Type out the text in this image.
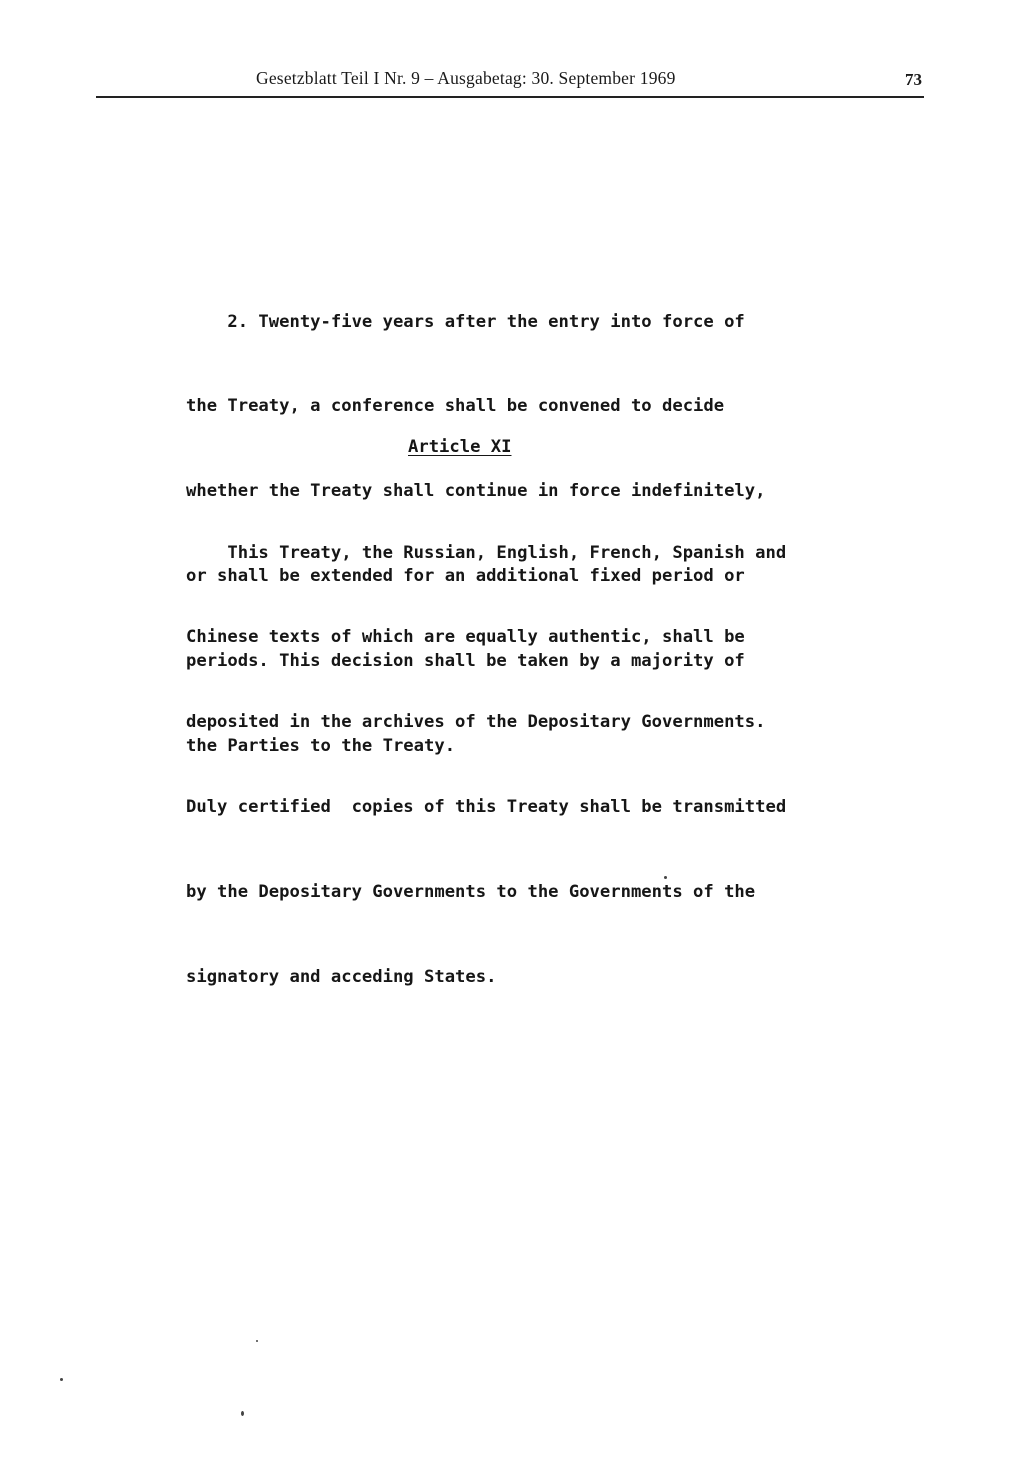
Gesetzblatt Teil I Nr. 9 – Ausgabetag: 30. September 1969	73

2. Twenty-five years after the entry into force of

the Treaty, a conference shall be convened to decide

whether the Treaty shall continue in force indefinitely,

or shall be extended for an additional fixed period or

periods. This decision shall be taken by a majority of

the Parties to the Treaty.

Article XI

This Treaty, the Russian, English, French, Spanish and

Chinese texts of which are equally authentic, shall be

deposited in the archives of the Depositary Governments.

Duly certified  copies of this Treaty shall be transmitted

by the Depositary Governments to the Governments of the

signatory and acceding States.
